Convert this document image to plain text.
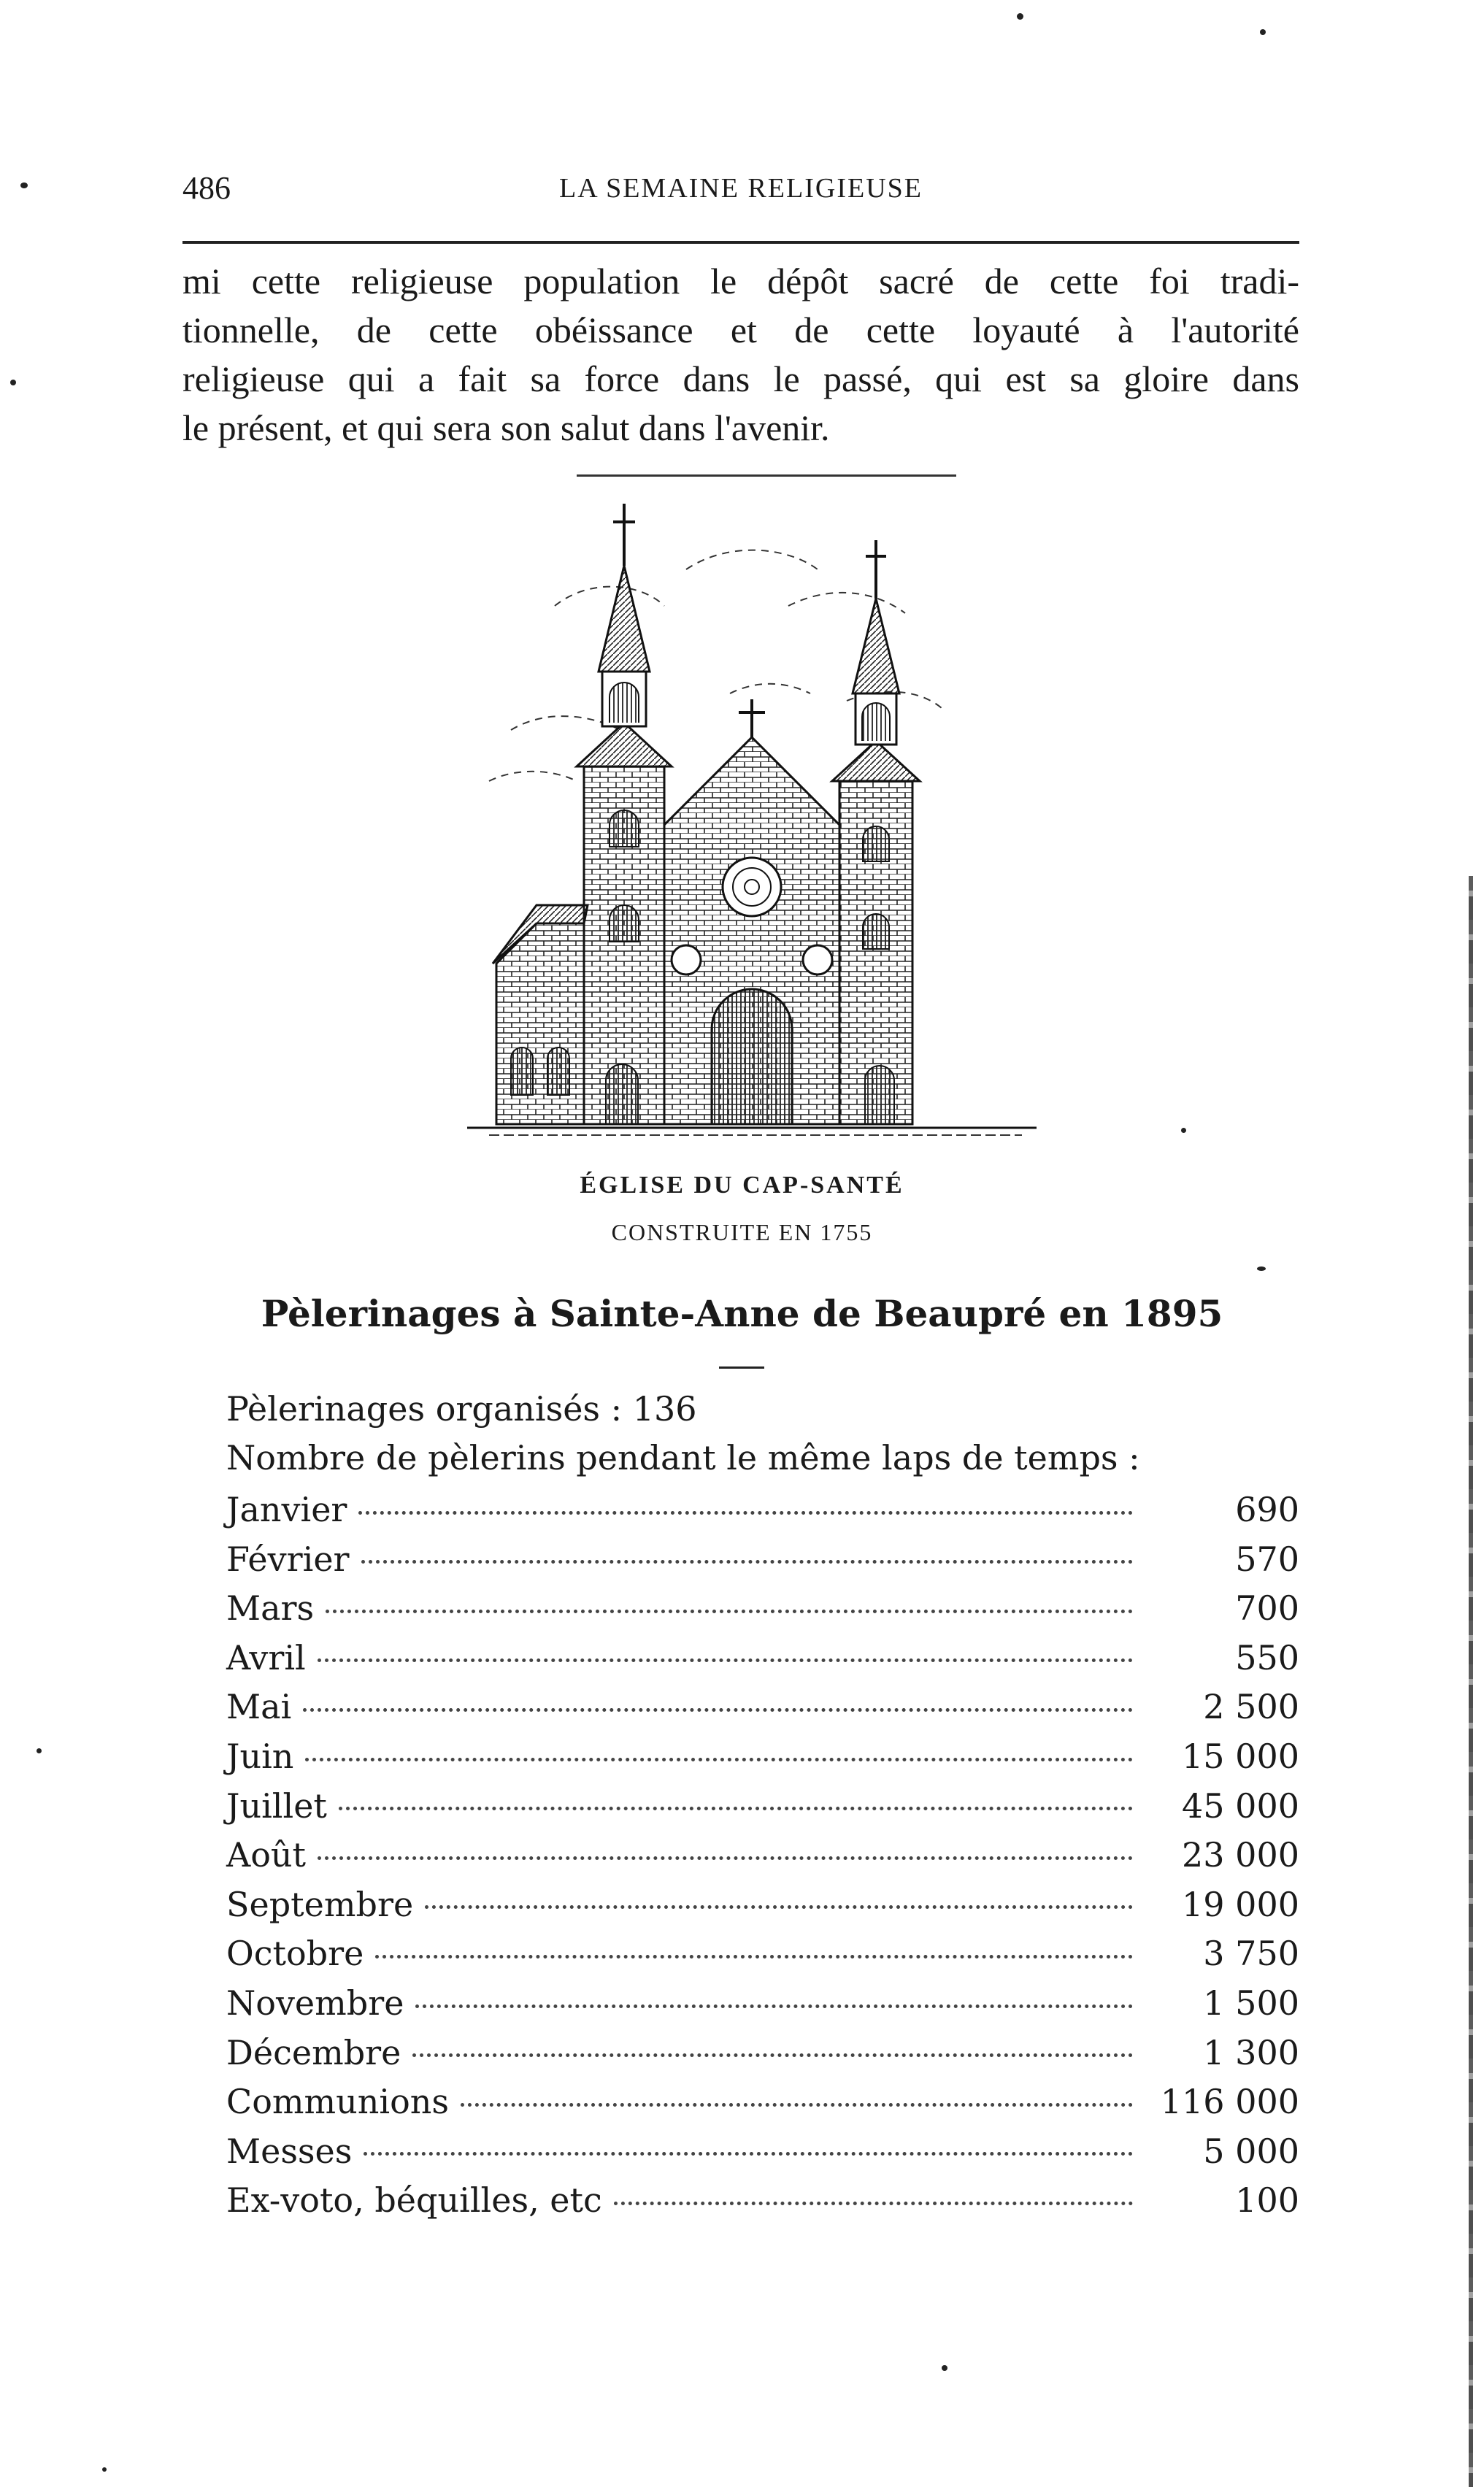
486	LA SEMAINE RELIGIEUSE
mi cette religieuse population le dépôt sacré de cette foi tradi-
tionnelle, de cette obéissance et de cette loyauté à l'autorité
religieuse qui a fait sa force dans le passé, qui est sa gloire dans
le présent, et qui sera son salut dans l'avenir.
ÉGLISE DU CAP-SANTÉ
CONSTRUITE EN 1755
Pèlerinages à Sainte-Anne de Beaupré en 1895
Pèlerinages organisés : 136
Nombre de pèlerins pendant le même laps de temps :
Janvier	690
Février	570
Mars	700
Avril	550
Mai	2 500
Juin	15 000
Juillet	45 000
Août	23 000
Septembre	19 000
Octobre	3 750
Novembre	1 500
Décembre	1 300
Communions	116 000
Messes	5 000
Ex-voto, béquilles, etc	100
